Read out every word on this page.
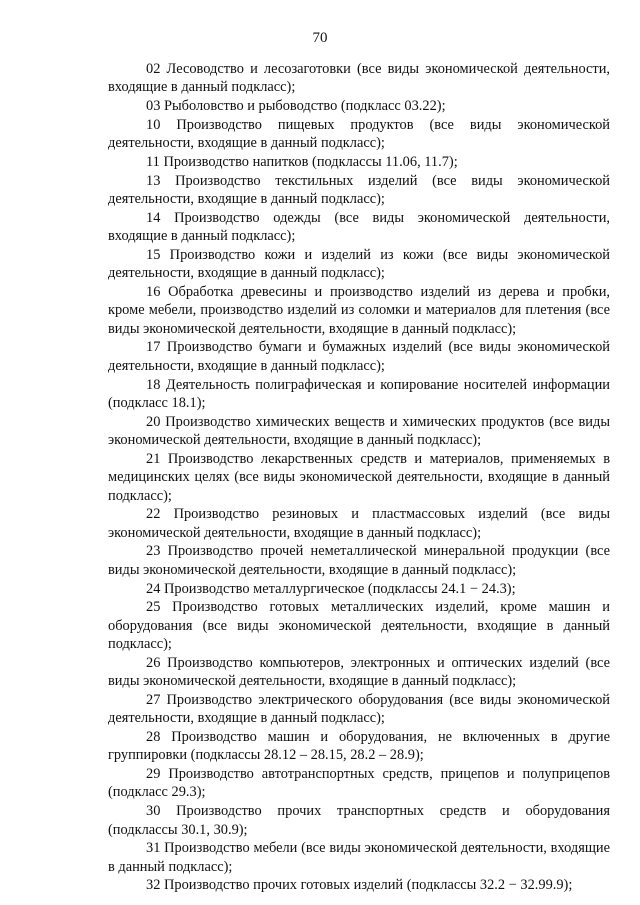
70

02 Лесоводство и лесозаготовки (все виды экономической деятельности, входящие в данный подкласс);

03 Рыболовство и рыбоводство (подкласс 03.22);

10 Производство пищевых продуктов (все виды экономической деятельности, входящие в данный подкласс);

11 Производство напитков (подклассы 11.06, 11.7);

13 Производство текстильных изделий (все виды экономической деятельности, входящие в данный подкласс);

14 Производство одежды (все виды экономической деятельности, входящие в данный подкласс);

15 Производство кожи и изделий из кожи (все виды экономической деятельности, входящие в данный подкласс);

16 Обработка древесины и производство изделий из дерева и пробки, кроме мебели, производство изделий из соломки и материалов для плетения (все виды экономической деятельности, входящие в данный подкласс);

17 Производство бумаги и бумажных изделий (все виды экономической деятельности, входящие в данный подкласс);

18 Деятельность полиграфическая и копирование носителей информации (подкласс 18.1);

20 Производство химических веществ и химических продуктов (все виды экономической деятельности, входящие в данный подкласс);

21 Производство лекарственных средств и материалов, применяемых в медицинских целях (все виды экономической деятельности, входящие в данный подкласс);

22 Производство резиновых и пластмассовых изделий (все виды экономической деятельности, входящие в данный подкласс);

23 Производство прочей неметаллической минеральной продукции (все виды экономической деятельности, входящие в данный подкласс);

24 Производство металлургическое (подклассы 24.1 − 24.3);

25 Производство готовых металлических изделий, кроме машин и оборудования (все виды экономической деятельности, входящие в данный подкласс);

26 Производство компьютеров, электронных и оптических изделий (все виды экономической деятельности, входящие в данный подкласс);

27 Производство электрического оборудования (все виды экономической деятельности, входящие в данный подкласс);

28 Производство машин и оборудования, не включенных в другие группировки (подклассы 28.12 – 28.15, 28.2 – 28.9);

29 Производство автотранспортных средств, прицепов и полуприцепов (подкласс 29.3);

30 Производство прочих транспортных средств и оборудования (подклассы 30.1, 30.9);

31 Производство мебели (все виды экономической деятельности, входящие в данный подкласс);

32 Производство прочих готовых изделий (подклассы 32.2 − 32.99.9);
